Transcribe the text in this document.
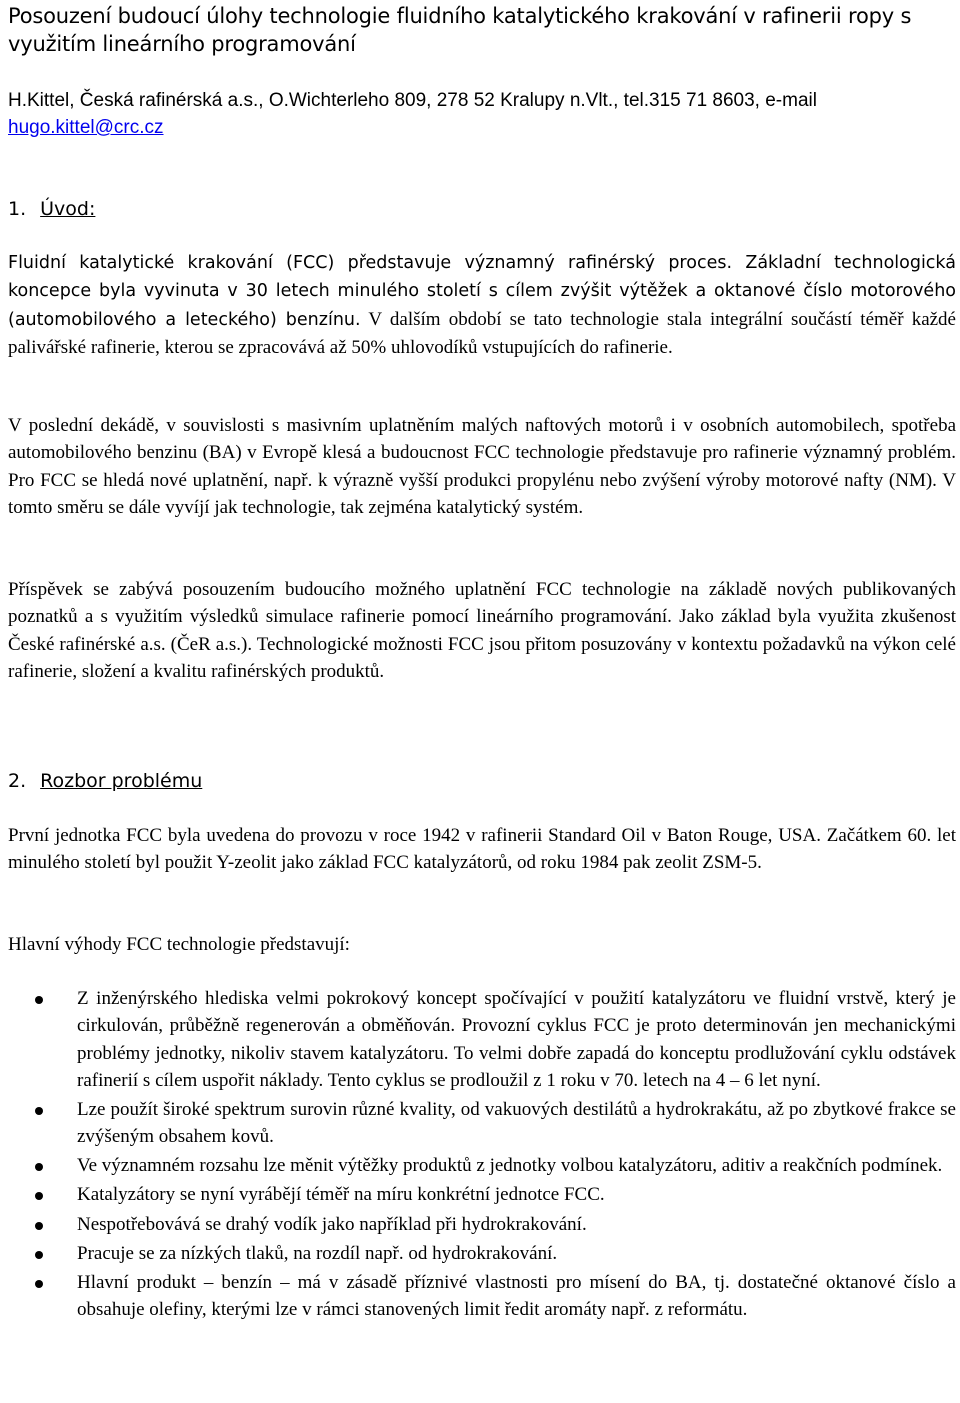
Posouzení budoucí úlohy technologie fluidního katalytického krakování v rafinerii ropy s využitím lineárního programování
H.Kittel, Česká rafinérská a.s., O.Wichterleho 809, 278 52 Kralupy n.Vlt., tel.315 71 8603, e-mail
hugo.kittel@crc.cz
1. Úvod:

Fluidní katalytické krakování (FCC) představuje významný rafinérský proces. Základní technologická koncepce byla vyvinuta v 30 letech minulého století s cílem zvýšit výtěžek a oktanové číslo motorového (automobilového a leteckého) benzínu. V dalším období se tato technologie stala integrální součástí téměř každé palivářské rafinerie, kterou se zpracovává až 50% uhlovodíků vstupujících do rafinerie.

V poslední dekádě, v souvislosti s masivním uplatněním malých naftových motorů i v osobních automobilech, spotřeba automobilového benzinu (BA) v Evropě klesá a budoucnost FCC technologie představuje pro rafinerie významný problém. Pro FCC se hledá nové uplatnění, např. k výrazně vyšší produkci propylénu nebo zvýšení výroby motorové nafty (NM). V tomto směru se dále vyvíjí jak technologie, tak zejména katalytický systém.

Příspěvek se zabývá posouzením budoucího možného uplatnění FCC technologie na základě nových publikovaných poznatků a s využitím výsledků simulace rafinerie pomocí lineárního programování. Jako základ byla využita zkušenost České rafinérské a.s. (ČeR a.s.). Technologické možnosti FCC jsou přitom posuzovány v kontextu požadavků na výkon celé rafinerie, složení a kvalitu rafinérských produktů.

2. Rozbor problému

První jednotka FCC byla uvedena do provozu v roce 1942 v rafinerii Standard Oil v Baton Rouge, USA. Začátkem 60. let minulého století byl použit Y-zeolit jako základ FCC katalyzátorů, od roku 1984 pak zeolit ZSM-5.

Hlavní výhody FCC technologie představují:

Z inženýrského hlediska velmi pokrokový koncept spočívající v použití katalyzátoru ve fluidní vrstvě, který je cirkulován, průběžně regenerován a obměňován. Provozní cyklus FCC je proto determinován jen mechanickými problémy jednotky, nikoliv stavem katalyzátoru. To velmi dobře zapadá do konceptu prodlužování cyklu odstávek rafinerií s cílem uspořit náklady. Tento cyklus se prodloužil z 1 roku v 70. letech na 4 – 6 let nyní.
Lze použít široké spektrum surovin různé kvality, od vakuových destilátů a hydrokrakátu, až po zbytkové frakce se zvýšeným obsahem kovů.
Ve významném rozsahu lze měnit výtěžky produktů z jednotky volbou katalyzátoru, aditiv a reakčních podmínek.
Katalyzátory se nyní vyrábějí téměř na míru konkrétní jednotce FCC.
Nespotřebovává se drahý vodík jako například při hydrokrakování.
Pracuje se za nízkých tlaků, na rozdíl např. od hydrokrakování.
Hlavní produkt – benzín – má v zásadě příznivé vlastnosti pro mísení do BA, tj. dostatečné oktanové číslo a obsahuje olefiny, kterými lze v rámci stanovených limit ředit aromáty např. z reformátu.
